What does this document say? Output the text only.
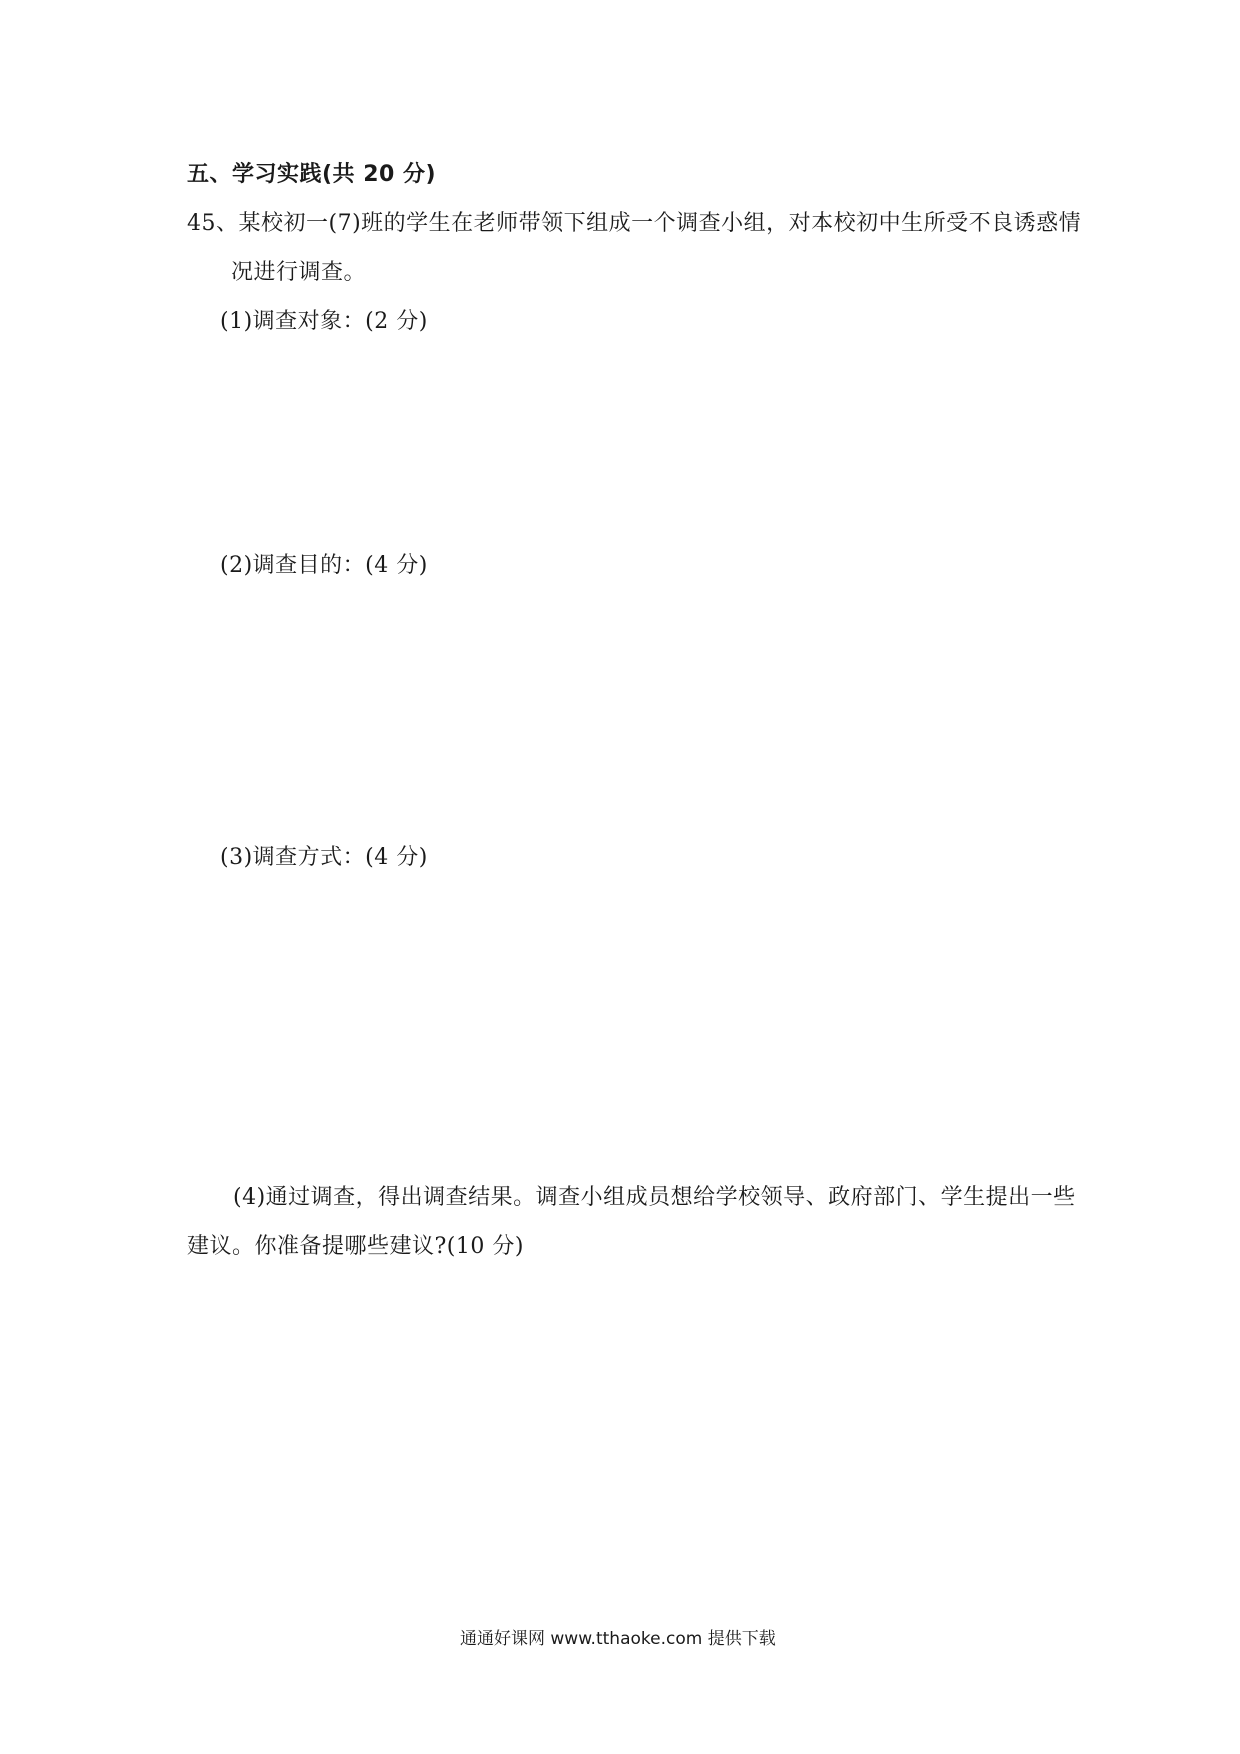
五、学习实践(共 20 分)
45、某校初一(7)班的学生在老师带领下组成一个调查小组，对本校初中生所受不良诱惑情
况进行调查。
(1)调查对象：(2 分)
(2)调查目的：(4 分)
(3)调查方式：(4 分)
(4)通过调查，得出调查结果。调查小组成员想给学校领导、政府部门、学生提出一些
建议。你准备提哪些建议?(10 分)
通通好课网 www.tthaoke.com 提供下载
